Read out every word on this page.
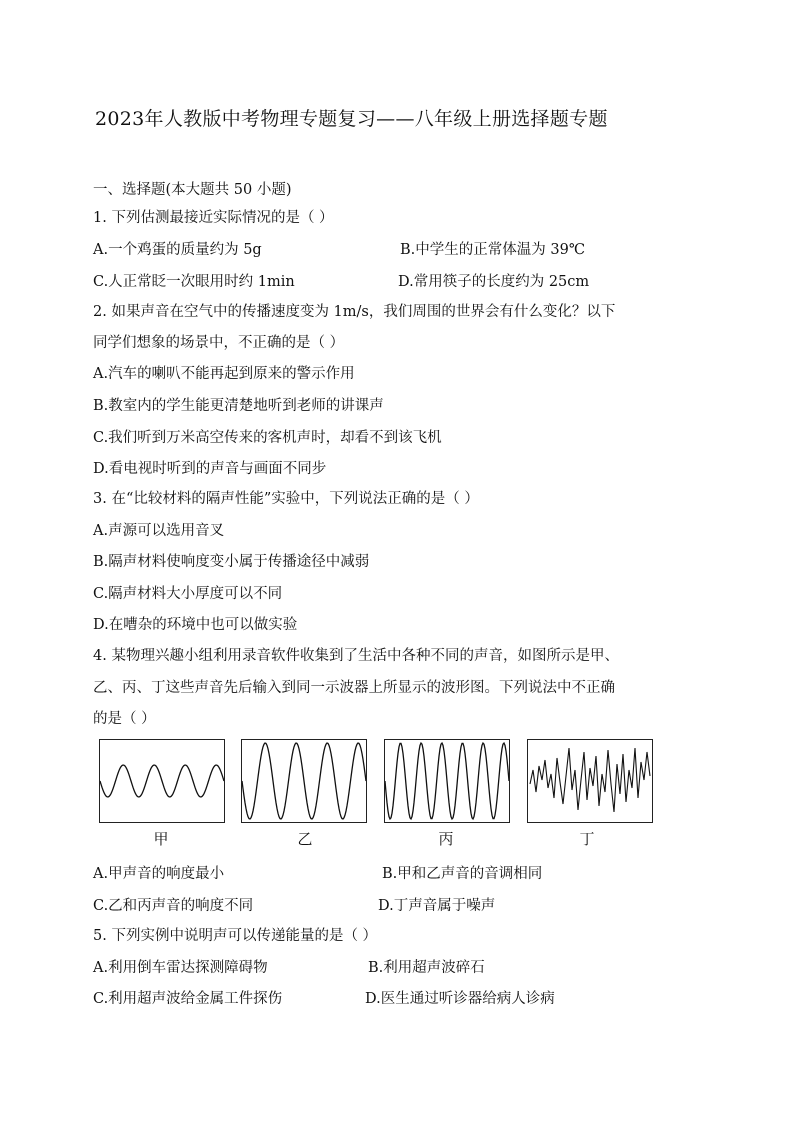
2023年人教版中考物理专题复习——八年级上册选择题专题
一、选择题(本大题共 50 小题)
1. 下列估测最接近实际情况的是（ ）
A.一个鸡蛋的质量约为 5g	B.中学生的正常体温为 39℃
C.人正常眨一次眼用时约 1min	D.常用筷子的长度约为 25cm
2. 如果声音在空气中的传播速度变为 1m/s，我们周围的世界会有什么变化？以下
同学们想象的场景中，不正确的是（ ）
A.汽车的喇叭不能再起到原来的警示作用
B.教室内的学生能更清楚地听到老师的讲课声
C.我们听到万米高空传来的客机声时，却看不到该飞机
D.看电视时听到的声音与画面不同步
3. 在“比较材料的隔声性能”实验中，下列说法正确的是（ ）
A.声源可以选用音叉
B.隔声材料使响度变小属于传播途径中减弱
C.隔声材料大小厚度可以不同
D.在嘈杂的环境中也可以做实验
4. 某物理兴趣小组利用录音软件收集到了生活中各种不同的声音，如图所示是甲、
乙、丙、丁这些声音先后输入到同一示波器上所显示的波形图。下列说法中不正确
的是（ ）
甲	乙	丙	丁
A.甲声音的响度最小	B.甲和乙声音的音调相同
C.乙和丙声音的响度不同	D.丁声音属于噪声
5. 下列实例中说明声可以传递能量的是（ ）
A.利用倒车雷达探测障碍物	B.利用超声波碎石
C.利用超声波给金属工件探伤	D.医生通过听诊器给病人诊病
